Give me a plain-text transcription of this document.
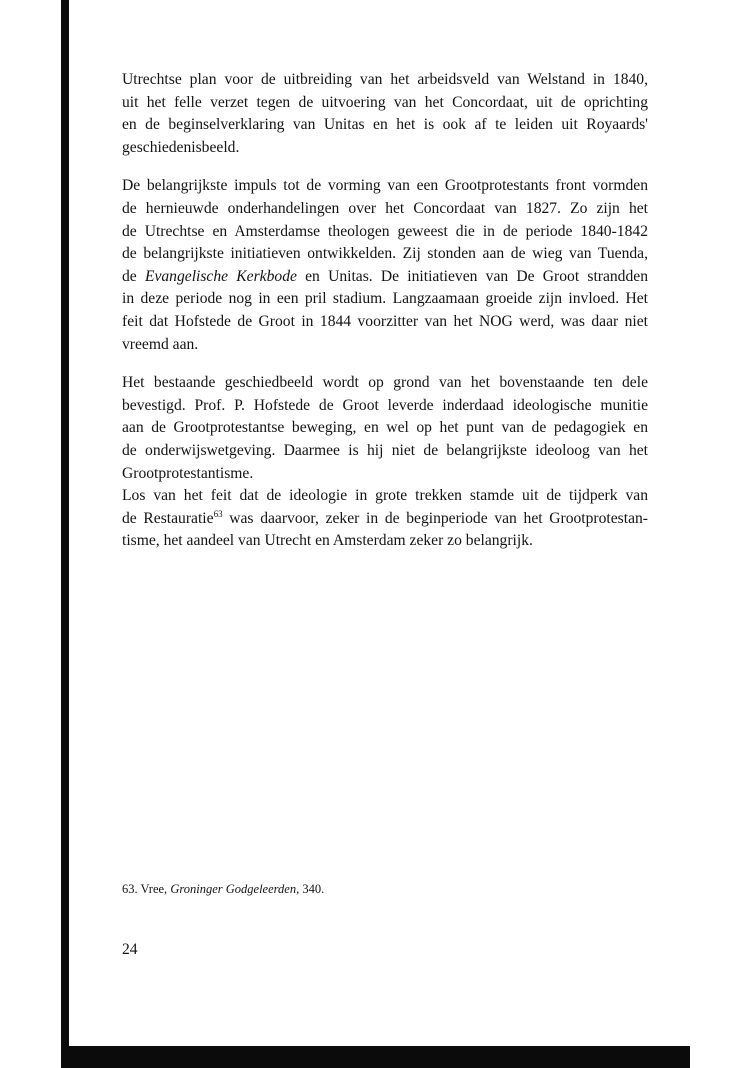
Utrechtse plan voor de uitbreiding van het arbeidsveld van Welstand in 1840,
uit het felle verzet tegen de uitvoering van het Concordaat, uit de oprichting
en de beginselverklaring van Unitas en het is ook af te leiden uit Royaards'
geschiedenisbeeld.
De belangrijkste impuls tot de vorming van een Grootprotestants front vormden
de hernieuwde onderhandelingen over het Concordaat van 1827. Zo zijn het
de Utrechtse en Amsterdamse theologen geweest die in de periode 1840-1842
de belangrijkste initiatieven ontwikkelden. Zij stonden aan de wieg van Tuenda,
de Evangelische Kerkbode en Unitas. De initiatieven van De Groot strandden
in deze periode nog in een pril stadium. Langzaamaan groeide zijn invloed. Het
feit dat Hofstede de Groot in 1844 voorzitter van het NOG werd, was daar niet
vreemd aan.
Het bestaande geschiedbeeld wordt op grond van het bovenstaande ten dele
bevestigd. Prof. P. Hofstede de Groot leverde inderdaad ideologische munitie
aan de Grootprotestantse beweging, en wel op het punt van de pedagogiek en
de onderwijswetgeving. Daarmee is hij niet de belangrijkste ideoloog van het
Grootprotestantisme.
Los van het feit dat de ideologie in grote trekken stamde uit de tijdperk van
de Restauratie$^{63}$ was daarvoor, zeker in de beginperiode van het Grootprotestan-
tisme, het aandeel van Utrecht en Amsterdam zeker zo belangrijk.
63. Vree, Groninger Godgeleerden, 340.
24
